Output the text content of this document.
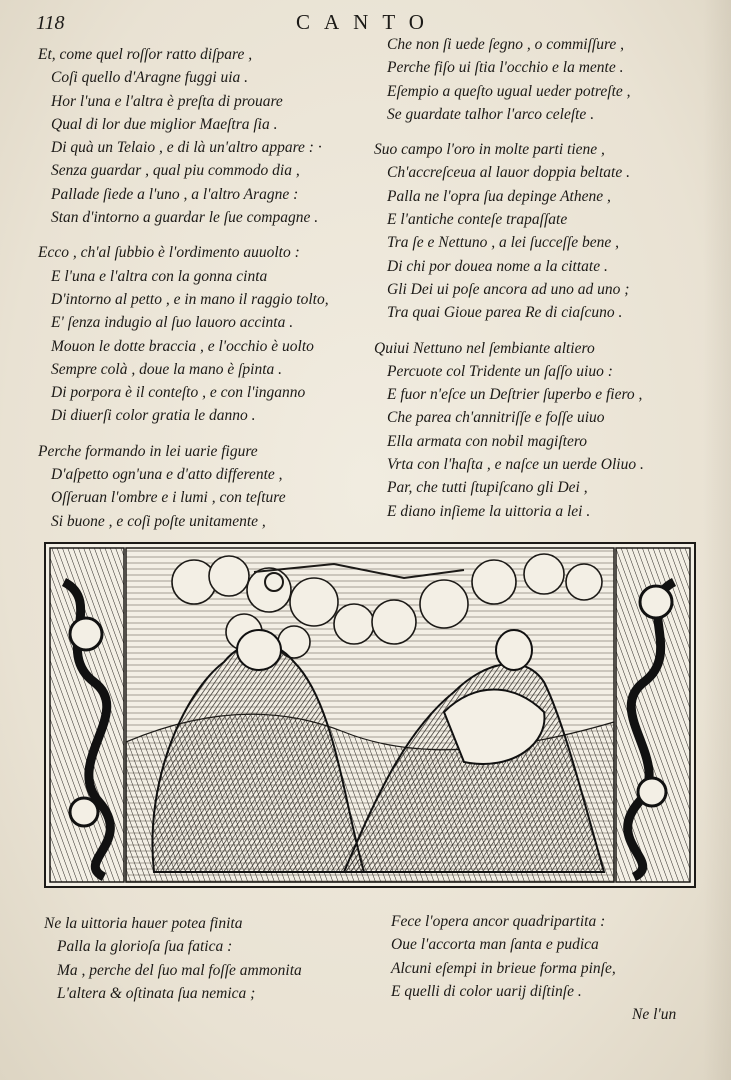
118	CANTO
Et, come quel roſſor ratto diſpare ,
Coſi quello d'Aragne fuggi uia .
Hor l'una e l'altra è preſta di prouare
Qual di lor due miglior Maeſtra ſia .
Di quà un Telaio , e di là un'altro appare : ·
Senza guardar , qual piu commodo dia ,
Pallade ſiede a l'uno , a l'altro Aragne :
Stan d'intorno a guardar le ſue compagne .
Ecco , ch'al ſubbio è l'ordimento auuolto :
E l'una e l'altra con la gonna cinta
D'intorno al petto , e in mano il raggio tolto,
E' ſenza indugio al ſuo lauoro accinta .
Mouon le dotte braccia , e l'occhio è uolto
Sempre colà , doue la mano è ſpinta .
Di porpora è il conteſto , e con l'inganno
Di diuerſi color gratia le danno .
Perche formando in lei uarie figure
D'aſpetto ogn'una e d'atto differente ,
Oſſeruan l'ombre e i lumi , con teſture
Si buone , e coſi poſte unitamente ,
Che non ſi uede ſegno , o commiſſure ,
Perche fiſo ui ſtia l'occhio e la mente .
Eſempio a queſto ugual ueder potreſte ,
Se guardate talhor l'arco celeſte .
Suo campo l'oro in molte parti tiene ,
Ch'accreſceua al lauor doppia beltate .
Palla ne l'opra ſua depinge Athene ,
E l'antiche conteſe trapaſſate
Tra ſe e Nettuno , a lei ſucceſſe bene ,
Di chi por douea nome a la cittate .
Gli Dei ui poſe ancora ad uno ad uno ;
Tra quai Gioue parea Re di ciaſcuno .
Quiui Nettuno nel ſembiante altiero
Percuote col Tridente un ſaſſo uiuo :
E fuor n'eſce un Deſtrier ſuperbo e fiero ,
Che parea ch'annitriſſe e foſſe uiuo
Ella armata con nobil magiſtero
Vrta con l'haſta , e naſce un uerde Oliuo .
Par, che tutti ſtupiſcano gli Dei ,
E diano inſieme la uittoria a lei .
Ne la uittoria hauer potea finita
Palla la glorioſa ſua fatica :
Ma , perche del ſuo mal foſſe ammonita
L'altera & oſtinata ſua nemica ;
Fece l'opera ancor quadripartita :
Oue l'accorta man ſanta e pudica
Alcuni eſempi in brieue forma pinſe,
E quelli di color uarij diſtinſe .
Ne l'un
